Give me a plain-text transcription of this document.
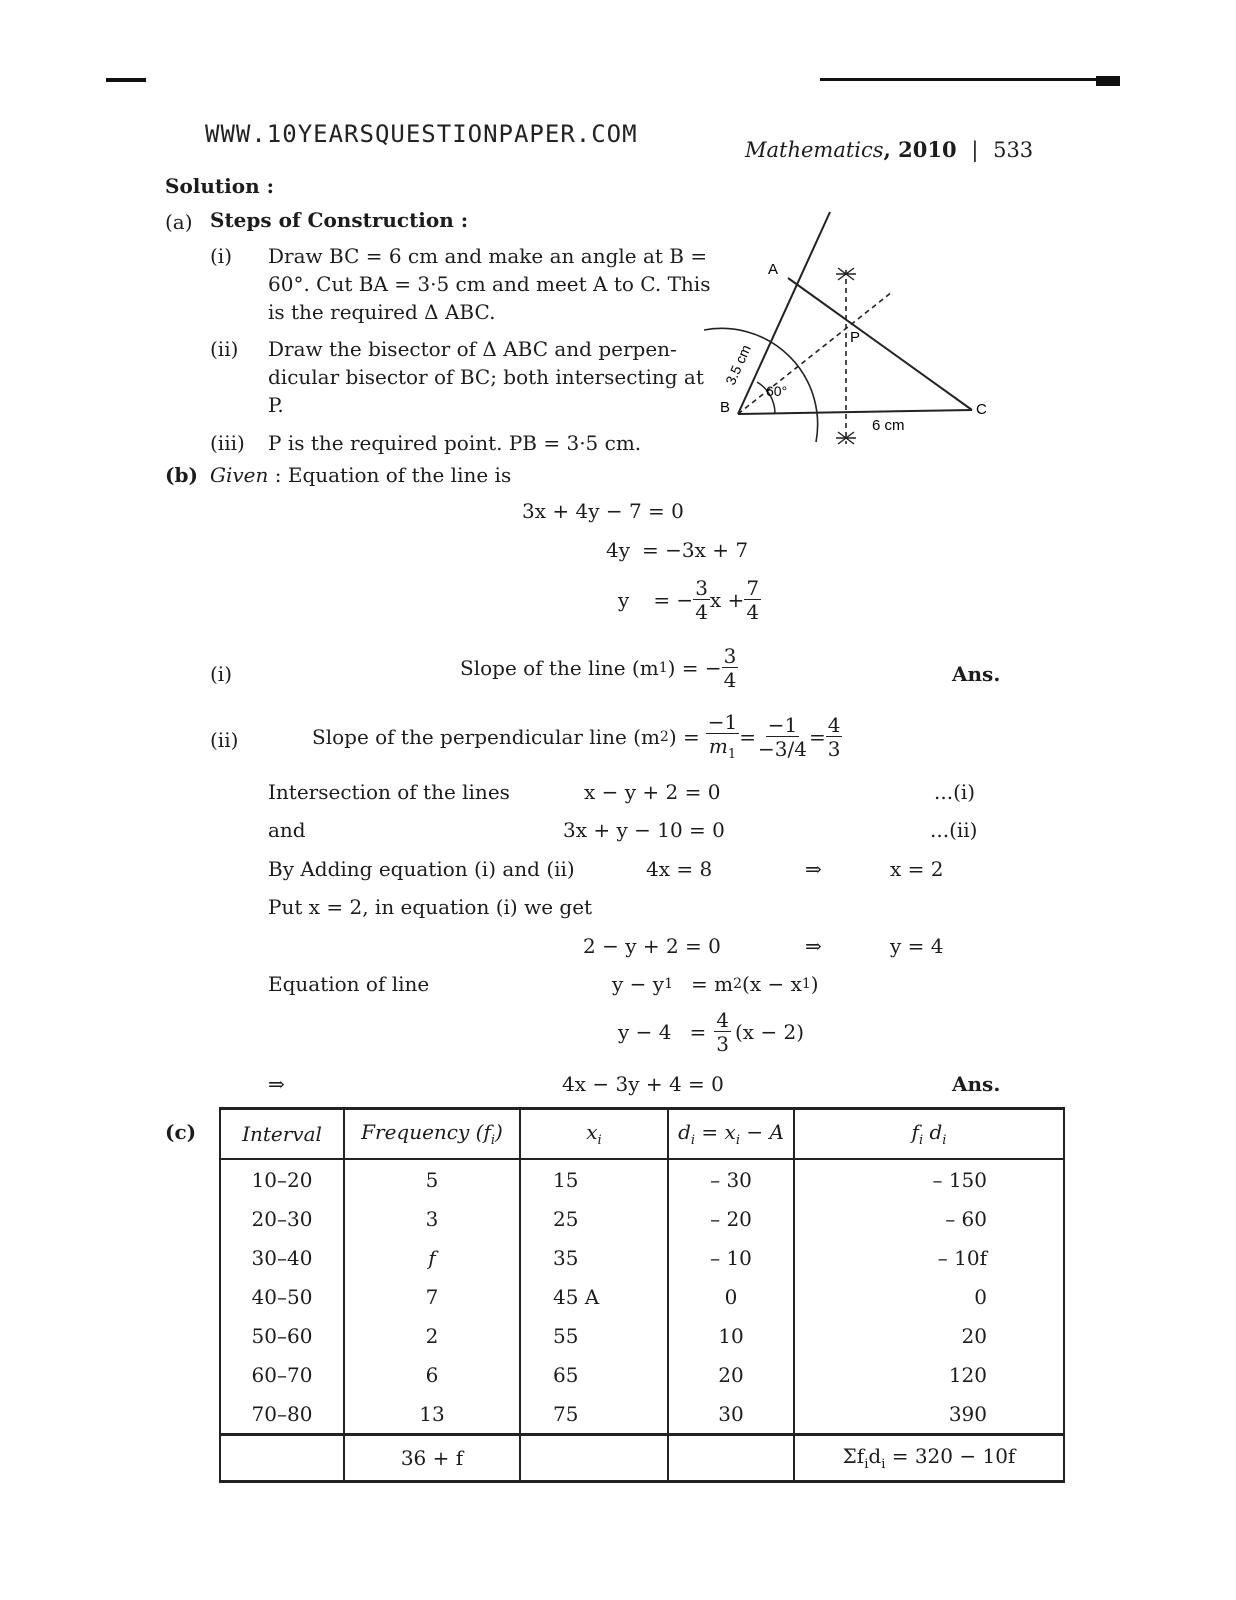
WWW.10YEARSQUESTIONPAPER.COM
Mathematics, 2010 | 533
Solution :
(a) Steps of Construction :
(i) Draw BC = 6 cm and make an angle at B =
60°. Cut BA = 3·5 cm and meet A to C. This
is the required Δ ABC.
(ii) Draw the bisector of Δ ABC and perpen-
dicular bisector of BC; both intersecting at
P.
(iii) P is the required point. PB = 3·5 cm.
A
B	C
P
3.5 cm
6 cm
60°
(b) Given : Equation of the line is
3x + 4y − 7 = 0
4y = −3x + 7
y = − $\frac{3}{4}$ $x + \frac{7}{4}$
(i)	Slope of the line (m 1 ) = − $\frac{3}{4}$	Ans.
(ii)	Slope of the perpendicular line (m 2 ) = $\frac{-1}{m_1} = \frac{-1}{-3/4} = \frac{4}{3}$
Intersection of the lines	x − y + 2 = 0	...(i)
and	3x + y − 10 = 0	...(ii)
By Adding equation (i) and (ii)	4x = 8	⇒	x = 2
Put x = 2, in equation (i) we get
2 − y + 2 = 0	⇒	y = 4
Equation of line	y − y 1 = m 2 (x − x 1 )
$y - 4 = \frac{4}{3} (x - 2)$
⇒	4x − 3y + 4 = 0	Ans.
(c) Interval	Frequency $(f_i)$	$x_i$	$d_i = x_i - A$	$f_i$ $d_i$
10–20	5	15	– 30	– 150
20–30	3	25	– 20	– 60
30–40	f	35	– 10	– 10f
40–50	7	45 A	0	0
50–60	2	55	10	20
60–70	6	65	20	120
70–80	13	75	30	390
	36 + f			$\Sigma f_id_i = 320 - 10f$
